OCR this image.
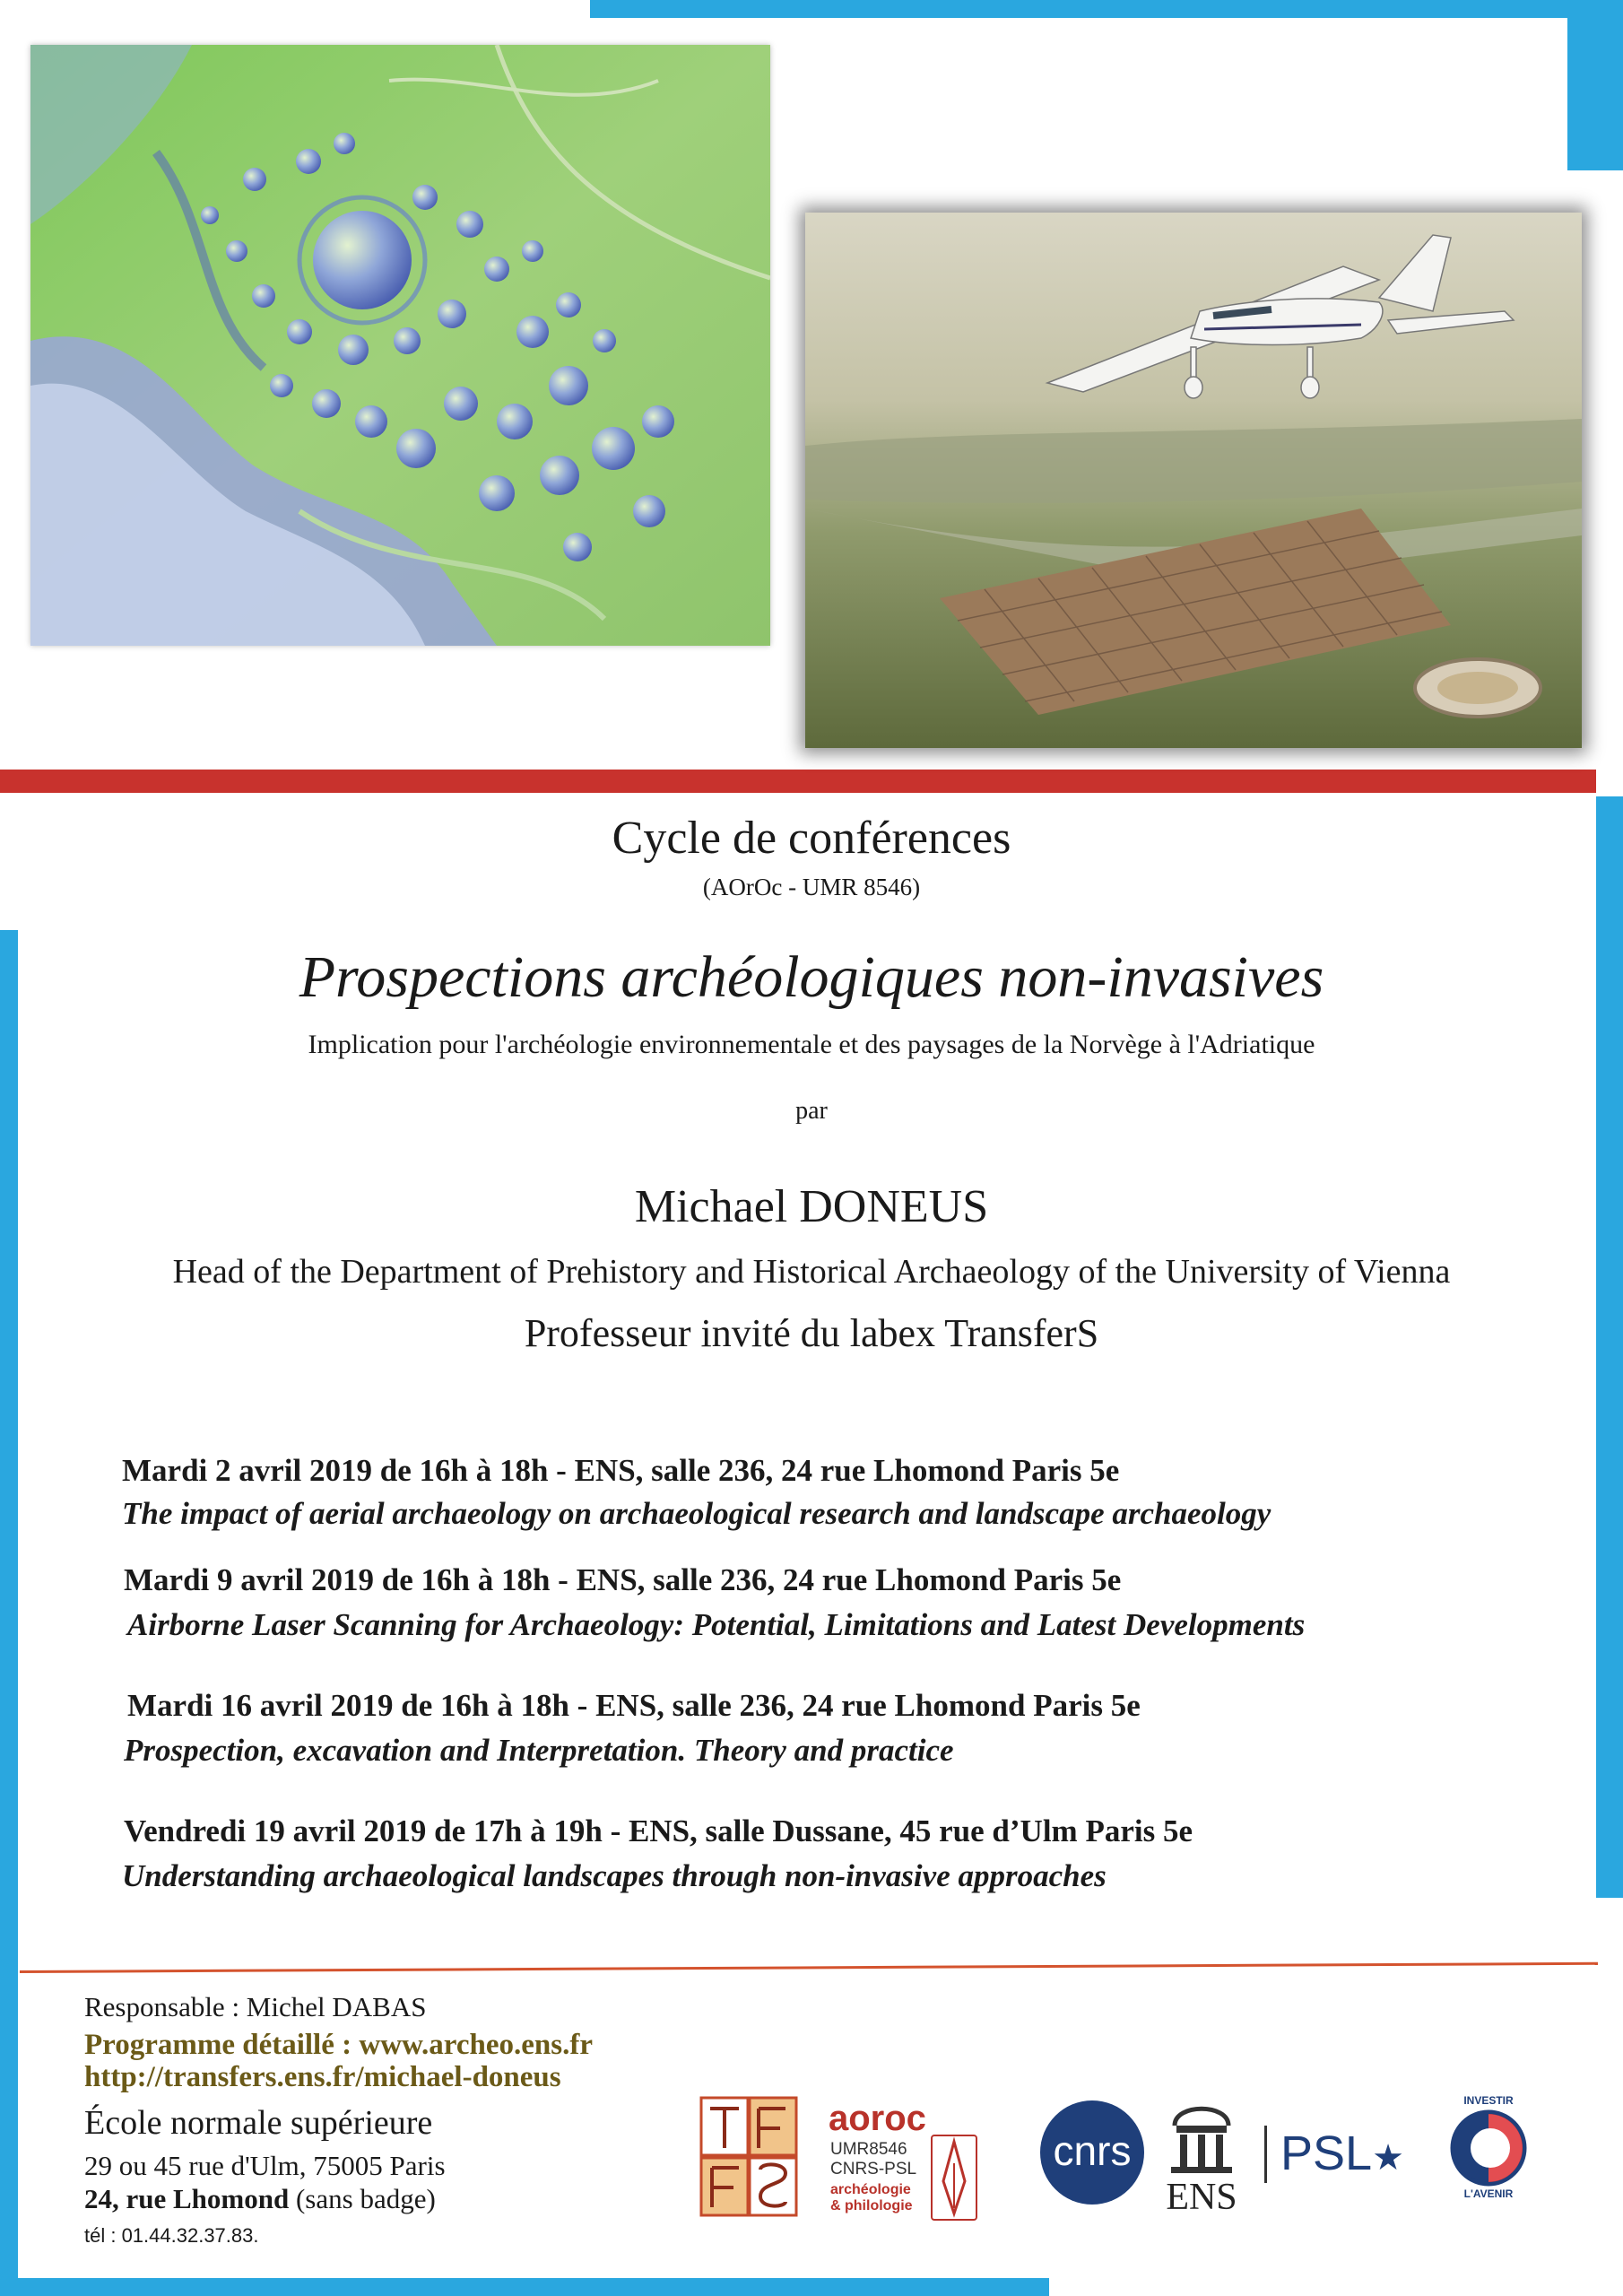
Cycle de conférences
(AOrOc - UMR 8546)
Prospections archéologiques non-invasives
Implication pour l'archéologie environnementale et des paysages de la Norvège à l'Adriatique
par
Michael DONEUS
Head of the Department of Prehistory and Historical Archaeology of the University of Vienna
Professeur invité du labex TransferS
Mardi 2 avril 2019 de 16h à 18h - ENS, salle 236, 24 rue Lhomond Paris 5e
The impact of aerial archaeology on archaeological research and landscape archaeology
Mardi 9 avril 2019 de 16h à 18h - ENS, salle 236, 24 rue Lhomond Paris 5e
Airborne Laser Scanning for Archaeology: Potential, Limitations and Latest Developments
Mardi 16 avril 2019 de 16h à 18h - ENS, salle 236, 24 rue Lhomond Paris 5e
Prospection, excavation and Interpretation. Theory and practice
Vendredi 19 avril 2019 de 17h à 19h - ENS, salle Dussane, 45 rue d’Ulm Paris 5e
Understanding archaeological landscapes through non-invasive approaches
Responsable : Michel DABAS
Programme détaillé : www.archeo.ens.fr
http://transfers.ens.fr/michael-doneus
École normale supérieure
29 ou 45 rue d'Ulm, 75005 Paris
24, rue Lhomond (sans badge)
tél : 01.44.32.37.83.
aoroc
UMR8546
CNRS-PSL
archéologie
& philologie
cnrs
ENS
PSL★
INVESTIR
L'AVENIR
